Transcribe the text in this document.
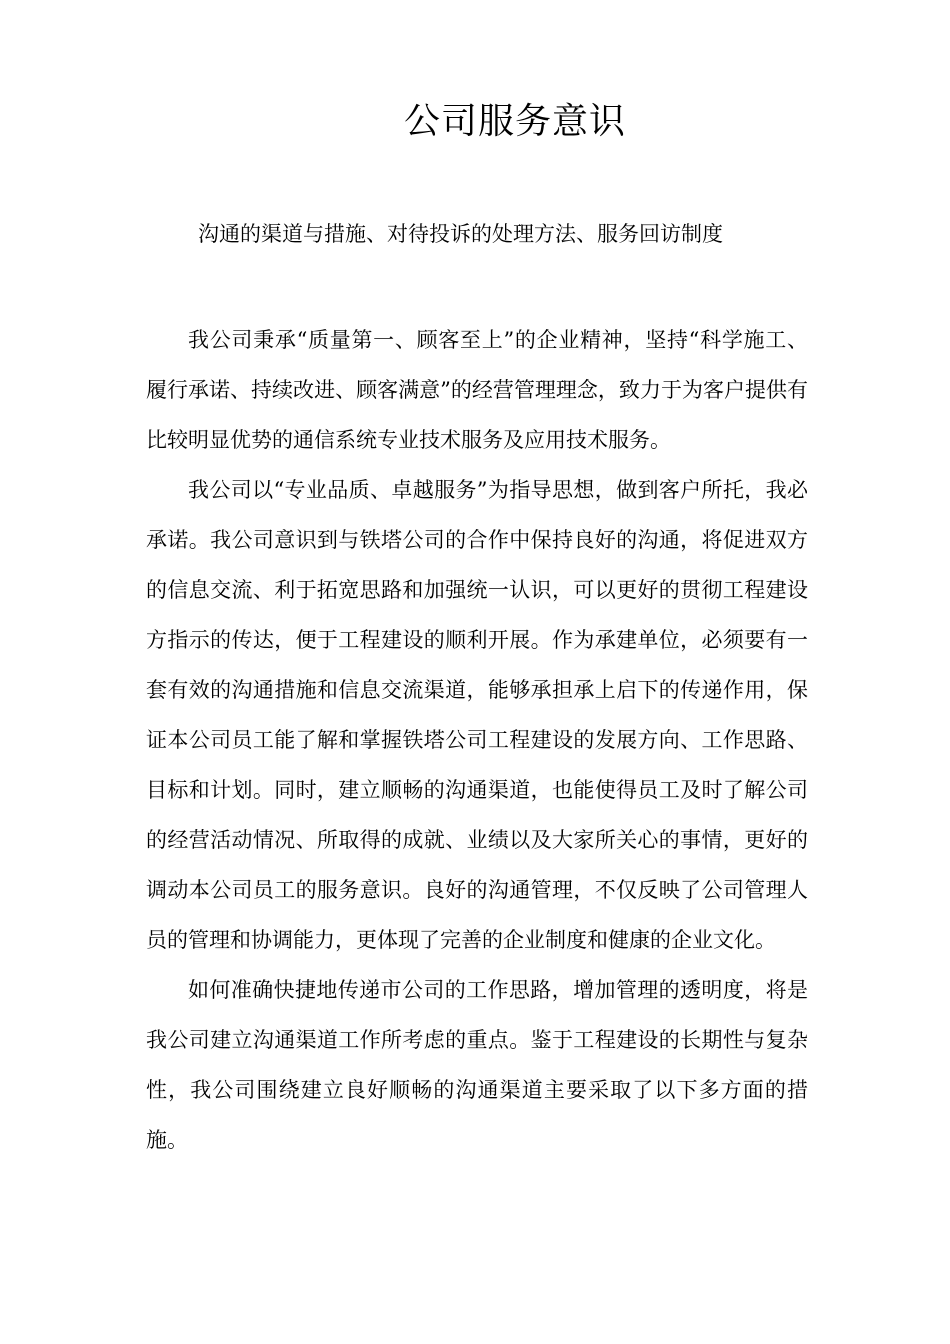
公司服务意识

沟通的渠道与措施、对待投诉的处理方法、服务回访制度

我公司秉承“质量第一、顾客至上”的企业精神，坚持“科学施工、履行承诺、持续改进、顾客满意”的经营管理理念，致力于为客户提供有比较明显优势的通信系统专业技术服务及应用技术服务。

我公司以“专业品质、卓越服务”为指导思想，做到客户所托，我必承诺。我公司意识到与铁塔公司的合作中保持良好的沟通，将促进双方的信息交流、利于拓宽思路和加强统一认识，可以更好的贯彻工程建设方指示的传达，便于工程建设的顺利开展。作为承建单位，必须要有一套有效的沟通措施和信息交流渠道，能够承担承上启下的传递作用，保证本公司员工能了解和掌握铁塔公司工程建设的发展方向、工作思路、目标和计划。同时，建立顺畅的沟通渠道，也能使得员工及时了解公司的经营活动情况、所取得的成就、业绩以及大家所关心的事情，更好的调动本公司员工的服务意识。良好的沟通管理，不仅反映了公司管理人员的管理和协调能力，更体现了完善的企业制度和健康的企业文化。

如何准确快捷地传递市公司的工作思路，增加管理的透明度，将是我公司建立沟通渠道工作所考虑的重点。鉴于工程建设的长期性与复杂性，我公司围绕建立良好顺畅的沟通渠道主要采取了以下多方面的措施。
